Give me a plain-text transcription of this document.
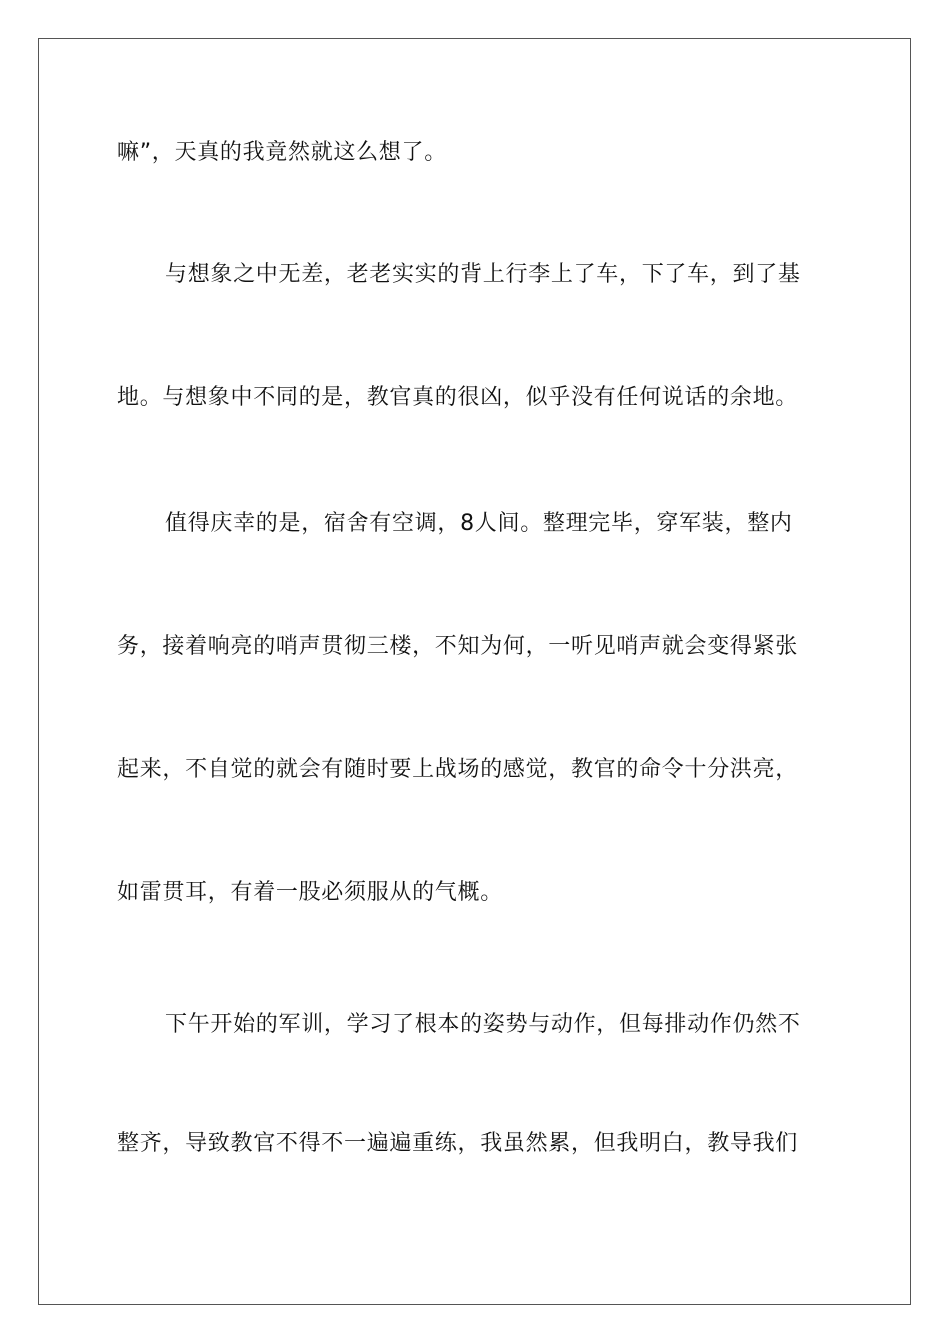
嘛”，天真的我竟然就这么想了。
与想象之中无差，老老实实的背上行李上了车，下了车，到了基
地。与想象中不同的是，教官真的很凶，似乎没有任何说话的余地。
值得庆幸的是，宿舍有空调，8人间。整理完毕，穿军装，整内
务，接着响亮的哨声贯彻三楼，不知为何，一听见哨声就会变得紧张
起来，不自觉的就会有随时要上战场的感觉，教官的命令十分洪亮，
如雷贯耳，有着一股必须服从的气概。
下午开始的军训，学习了根本的姿势与动作，但每排动作仍然不
整齐，导致教官不得不一遍遍重练，我虽然累，但我明白，教导我们
